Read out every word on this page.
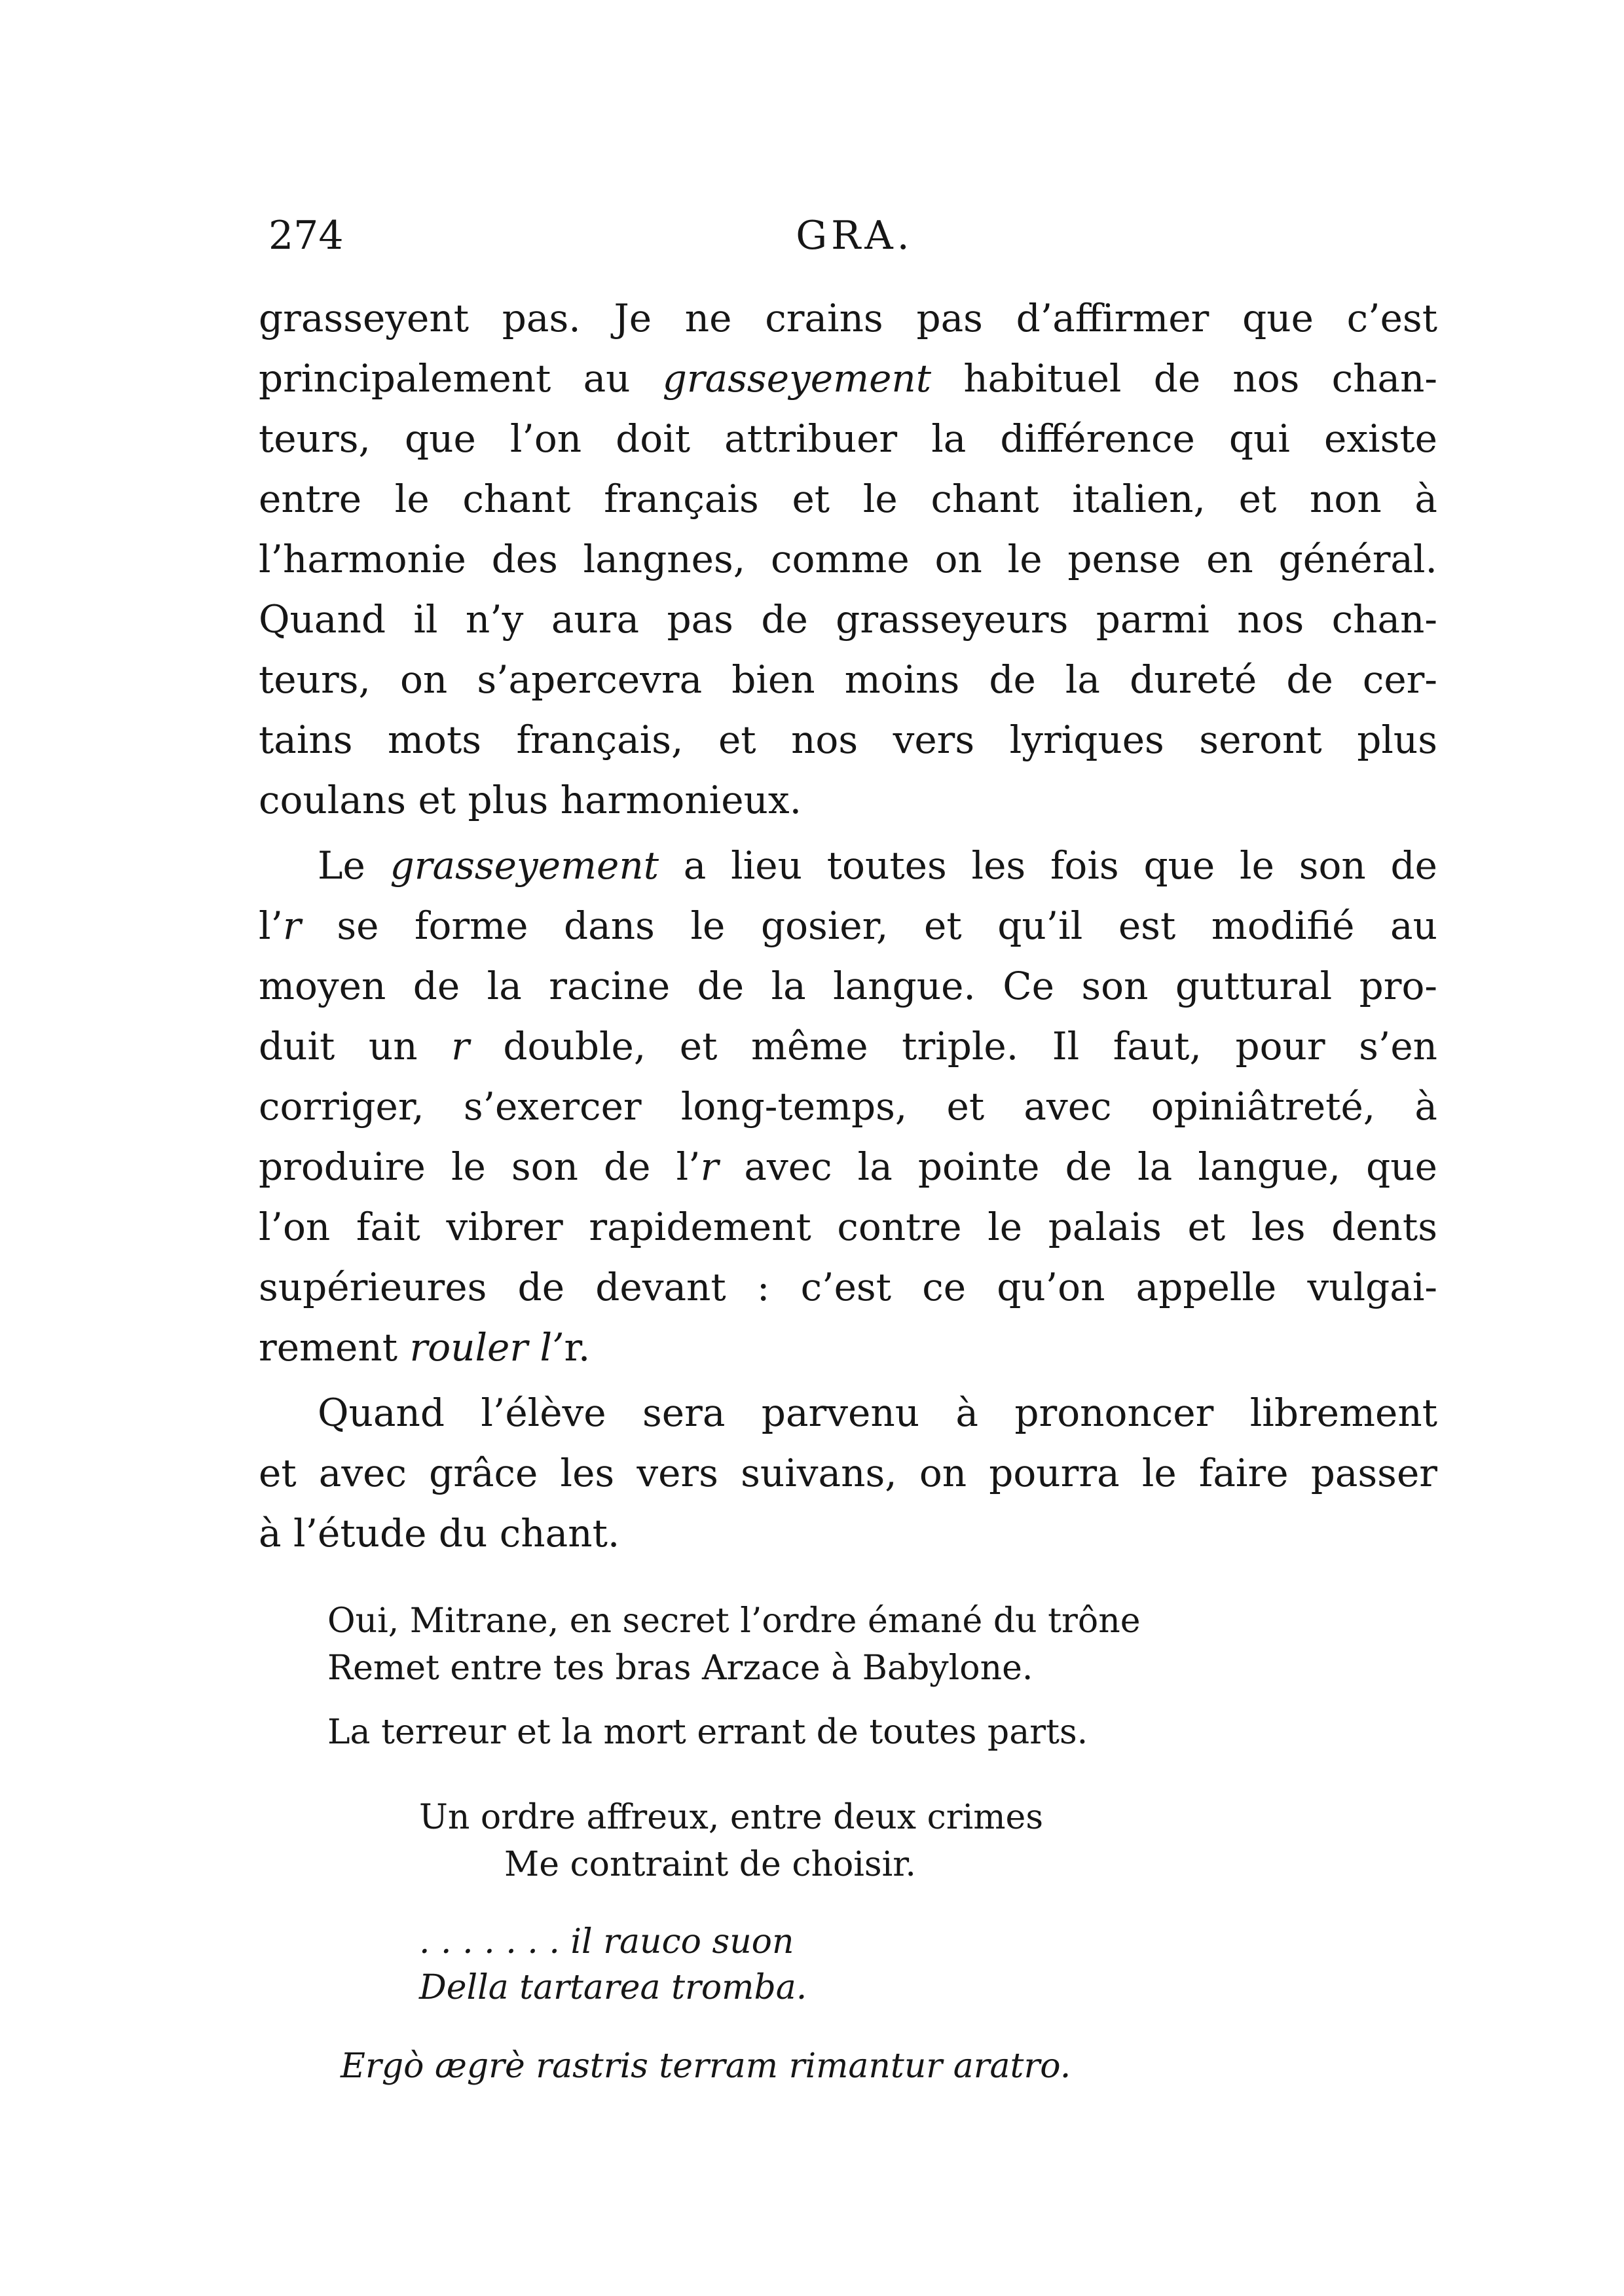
274	GRA.
grasseyent pas. Je ne crains pas d’affirmer que c’est
principalement au grasseyement habituel de nos chan-
teurs, que l’on doit attribuer la différence qui existe
entre le chant français et le chant italien, et non à
l’harmonie des langnes, comme on le pense en général.
Quand il n’y aura pas de grasseyeurs parmi nos chan-
teurs, on s’apercevra bien moins de la dureté de cer-
tains mots français, et nos vers lyriques seront plus
coulans et plus harmonieux.
Le grasseyement a lieu toutes les fois que le son de
l’r se forme dans le gosier, et qu’il est modifié au
moyen de la racine de la langue. Ce son guttural pro-
duit un r double, et même triple. Il faut, pour s’en
corriger, s’exercer long-temps, et avec opiniâtreté, à
produire le son de l’r avec la pointe de la langue, que
l’on fait vibrer rapidement contre le palais et les dents
supérieures de devant : c’est ce qu’on appelle vulgai-
rement rouler l’r.
Quand l’élève sera parvenu à prononcer librement
et avec grâce les vers suivans, on pourra le faire passer
à l’étude du chant.
Oui, Mitrane, en secret l’ordre émané du trône
Remet entre tes bras Arzace à Babylone.
La terreur et la mort errant de toutes parts.
Un ordre affreux, entre deux crimes
Me contraint de choisir.
. . . . . . . il rauco suon
Della tartarea tromba.
Ergò ægrè rastris terram rimantur aratro.
